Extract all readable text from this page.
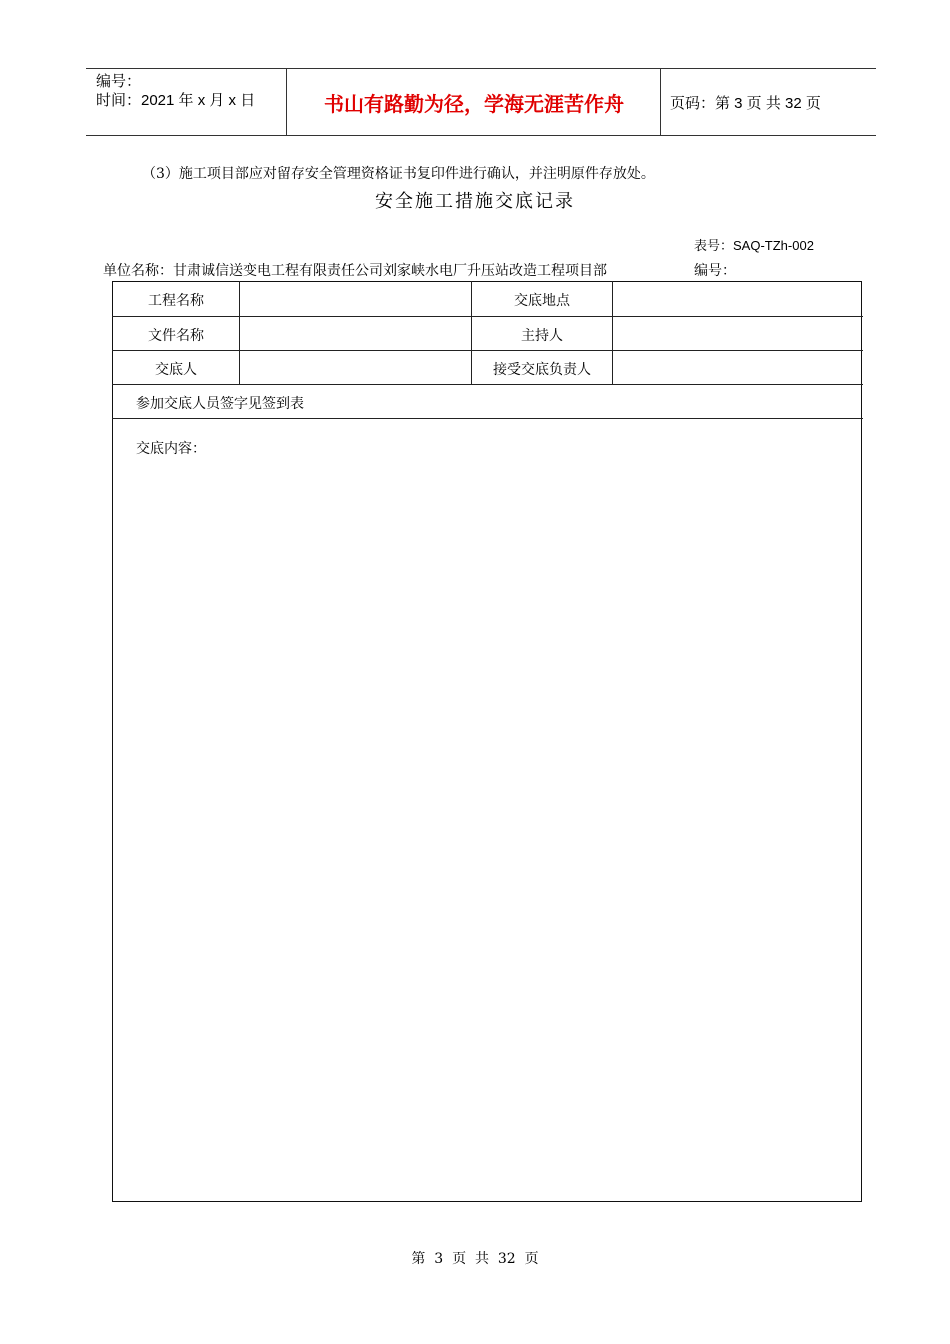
编号：
时间：2021 年 x 月 x 日	书山有路勤为径，学海无涯苦作舟	页码：第 3 页 共 32 页
（3）施工项目部应对留存安全管理资格证书复印件进行确认，并注明原件存放处。
安全施工措施交底记录
表号：SAQ-TZh-002
单位名称：甘肃诚信送变电工程有限责任公司刘家峡水电厂升压站改造工程项目部	编号：
工程名称	交底地点
文件名称	主持人
交底人	接受交底负责人
参加交底人员签字见签到表
交底内容：
第  3  页  共  32  页
